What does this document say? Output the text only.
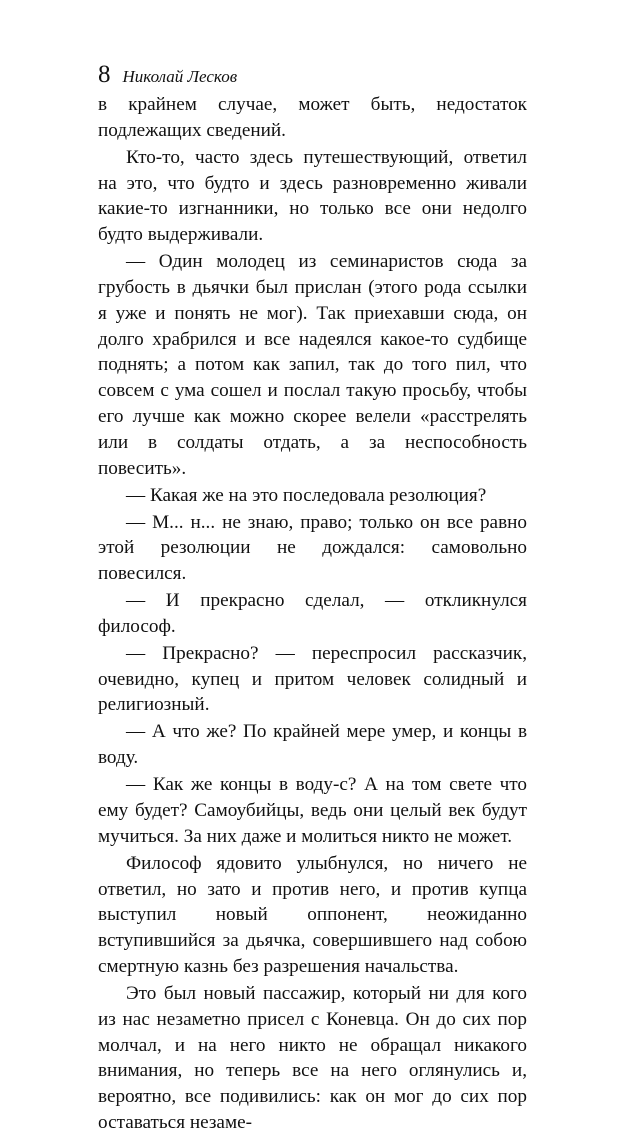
8 Николай Лесков

в крайнем случае, может быть, недостаток подлежащих сведений.

Кто-то, часто здесь путешествующий, ответил на это, что будто и здесь разновременно живали какие-то изгнанники, но только все они недолго будто выдерживали.

— Один молодец из семинаристов сюда за грубость в дьячки был прислан (этого рода ссылки я уже и понять не мог). Так приехавши сюда, он долго храбрился и все надеялся какое-то судбище поднять; а потом как запил, так до того пил, что совсем с ума сошел и послал такую просьбу, чтобы его лучше как можно скорее велели «расстрелять или в солдаты отдать, а за неспособность повесить».

— Какая же на это последовала резолюция?

— М... н... не знаю, право; только он все равно этой резолюции не дождался: самовольно повесился.

— И прекрасно сделал, — откликнулся философ.

— Прекрасно? — переспросил рассказчик, очевидно, купец и притом человек солидный и религиозный.

— А что же? По крайней мере умер, и концы в воду.

— Как же концы в воду-с? А на том свете что ему будет? Самоубийцы, ведь они целый век будут мучиться. За них даже и молиться никто не может.

Философ ядовито улыбнулся, но ничего не ответил, но зато и против него, и против купца выступил новый оппонент, неожиданно вступившийся за дьячка, совершившего над собою смертную казнь без разрешения начальства.

Это был новый пассажир, который ни для кого из нас незаметно присел с Коневца. Он до сих пор молчал, и на него никто не обращал никакого внимания, но теперь все на него оглянулись и, вероятно, все подивились: как он мог до сих пор оставаться незаме-
